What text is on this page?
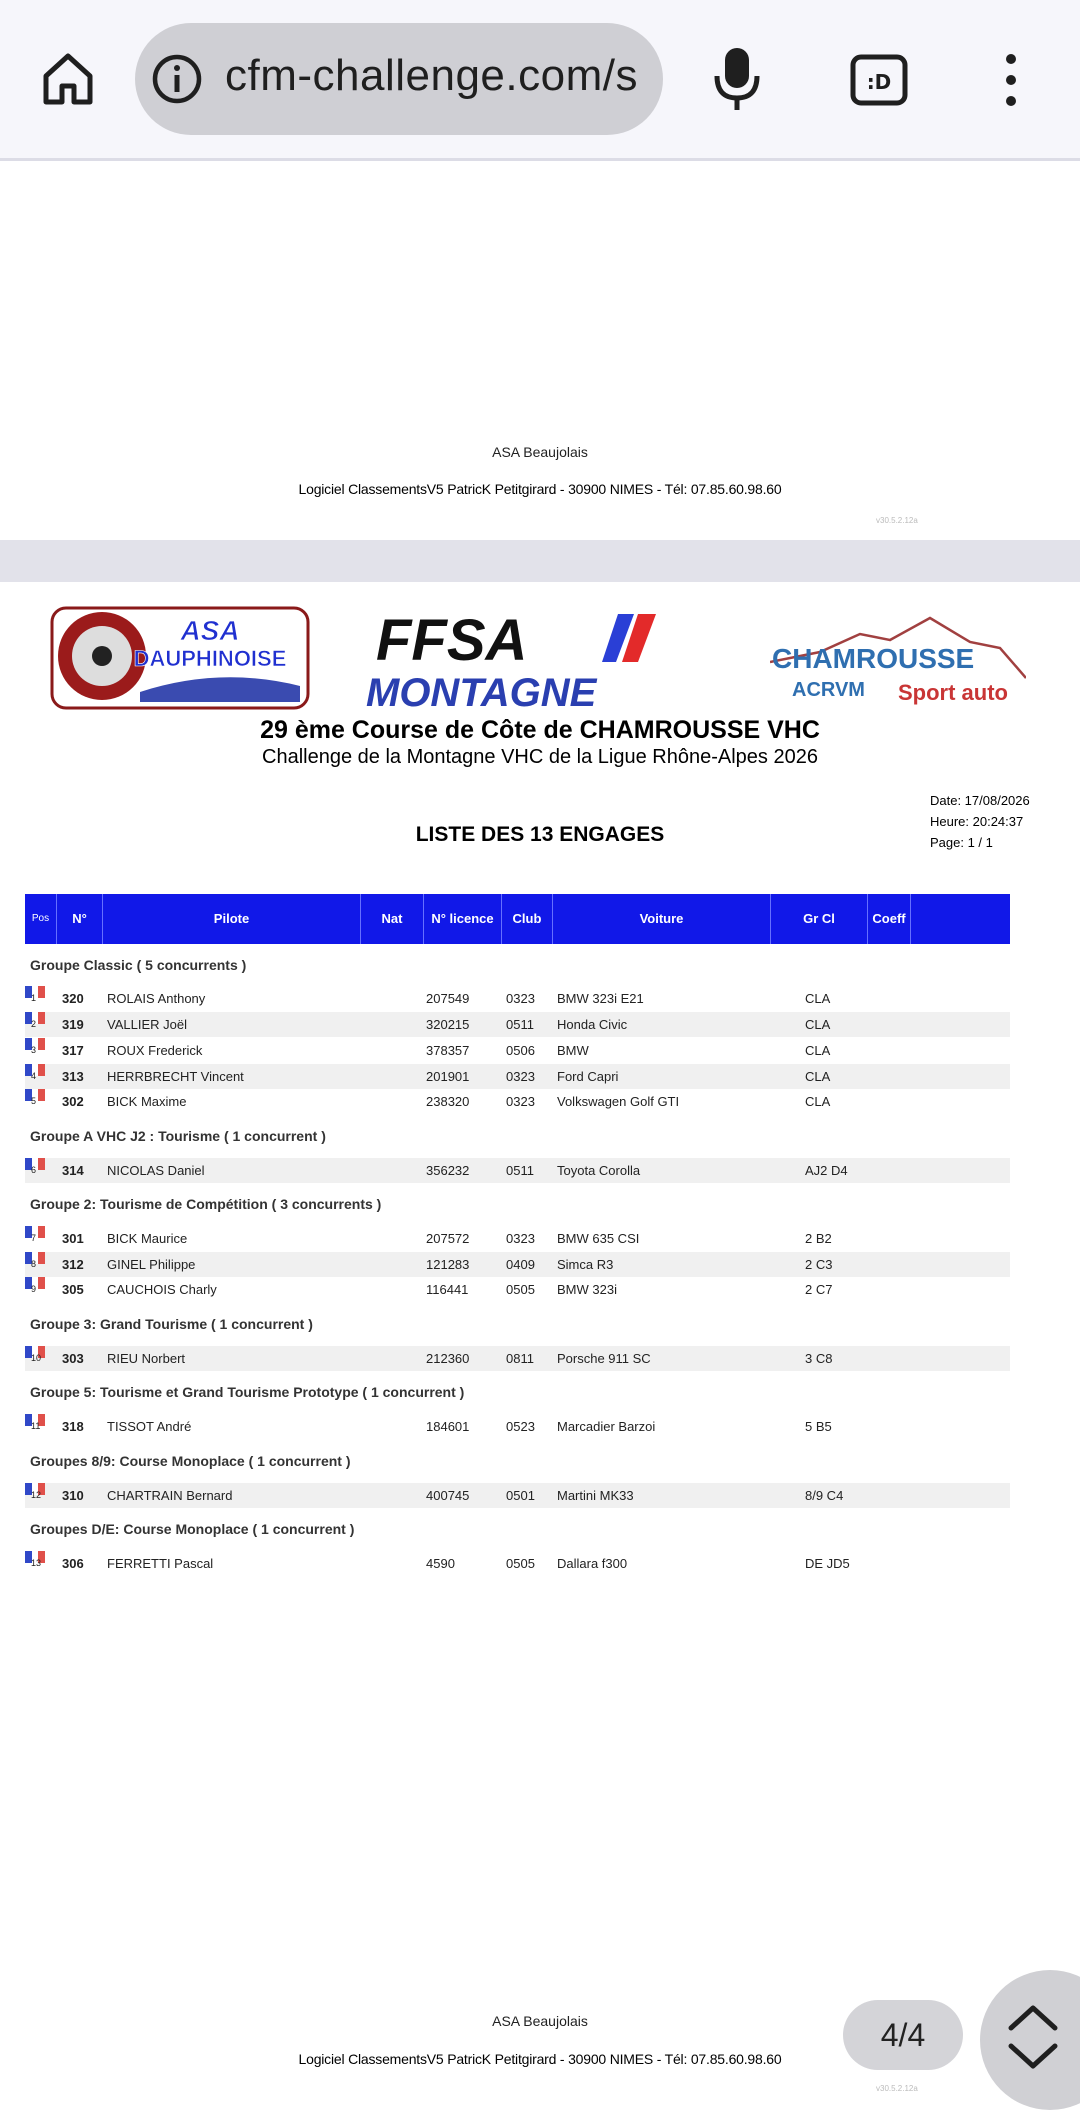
cfm-challenge.com/s	:D
ASA Beaujolais
Logiciel ClassementsV5 PatricK Petitgirard - 30900 NIMES - Tél: 07.85.60.98.60
v30.5.2.12a
ASA
DAUPHINOISE FFSA
MONTAGNE
CHAMROUSSE
ACRVM Sport auto
29 ème Course de Côte de CHAMROUSSE VHC
Challenge de la Montagne VHC de la Ligue Rhône-Alpes 2026
Date: 17/08/2026
Heure: 20:24:37
Page: 1 / 1
LISTE DES 13 ENGAGES
Pos	N°	Pilote	Nat	N° licence	Club	Voiture	Gr Cl	Coeff
Groupe Classic ( 5 concurrents )
1 320 ROLAIS Anthony	207549	0323 BMW 323i E21	CLA
2 319 VALLIER Joël	320215	0511 Honda Civic	CLA
3 317 ROUX Frederick	378357	0506 BMW	CLA
4 313 HERRBRECHT Vincent	201901	0323 Ford Capri	CLA
5 302 BICK Maxime	238320	0323 Volkswagen Golf GTI	CLA
Groupe A VHC J2 : Tourisme ( 1 concurrent )
6 314 NICOLAS Daniel	356232	0511 Toyota Corolla	AJ2 D4
Groupe 2: Tourisme de Compétition ( 3 concurrents )
7 301 BICK Maurice	207572	0323 BMW 635 CSI	2 B2
8 312 GINEL Philippe	121283	0409 Simca R3	2 C3
9 305 CAUCHOIS Charly	116441	0505 BMW 323i	2 C7
Groupe 3: Grand Tourisme ( 1 concurrent )
10 303 RIEU Norbert	212360	0811 Porsche 911 SC	3 C8
Groupe 5: Tourisme et Grand Tourisme Prototype ( 1 concurrent )
11 318 TISSOT André	184601	0523 Marcadier Barzoi	5 B5
Groupes 8/9: Course Monoplace ( 1 concurrent )
12 310 CHARTRAIN Bernard	400745	0501 Martini MK33	8/9 C4
Groupes D/E: Course Monoplace ( 1 concurrent )
13 306 FERRETTI Pascal	4590	0505 Dallara f300	DE JD5
ASA Beaujolais
Logiciel ClassementsV5 PatricK Petitgirard - 30900 NIMES - Tél: 07.85.60.98.60
v30.5.2.12a
4/4
